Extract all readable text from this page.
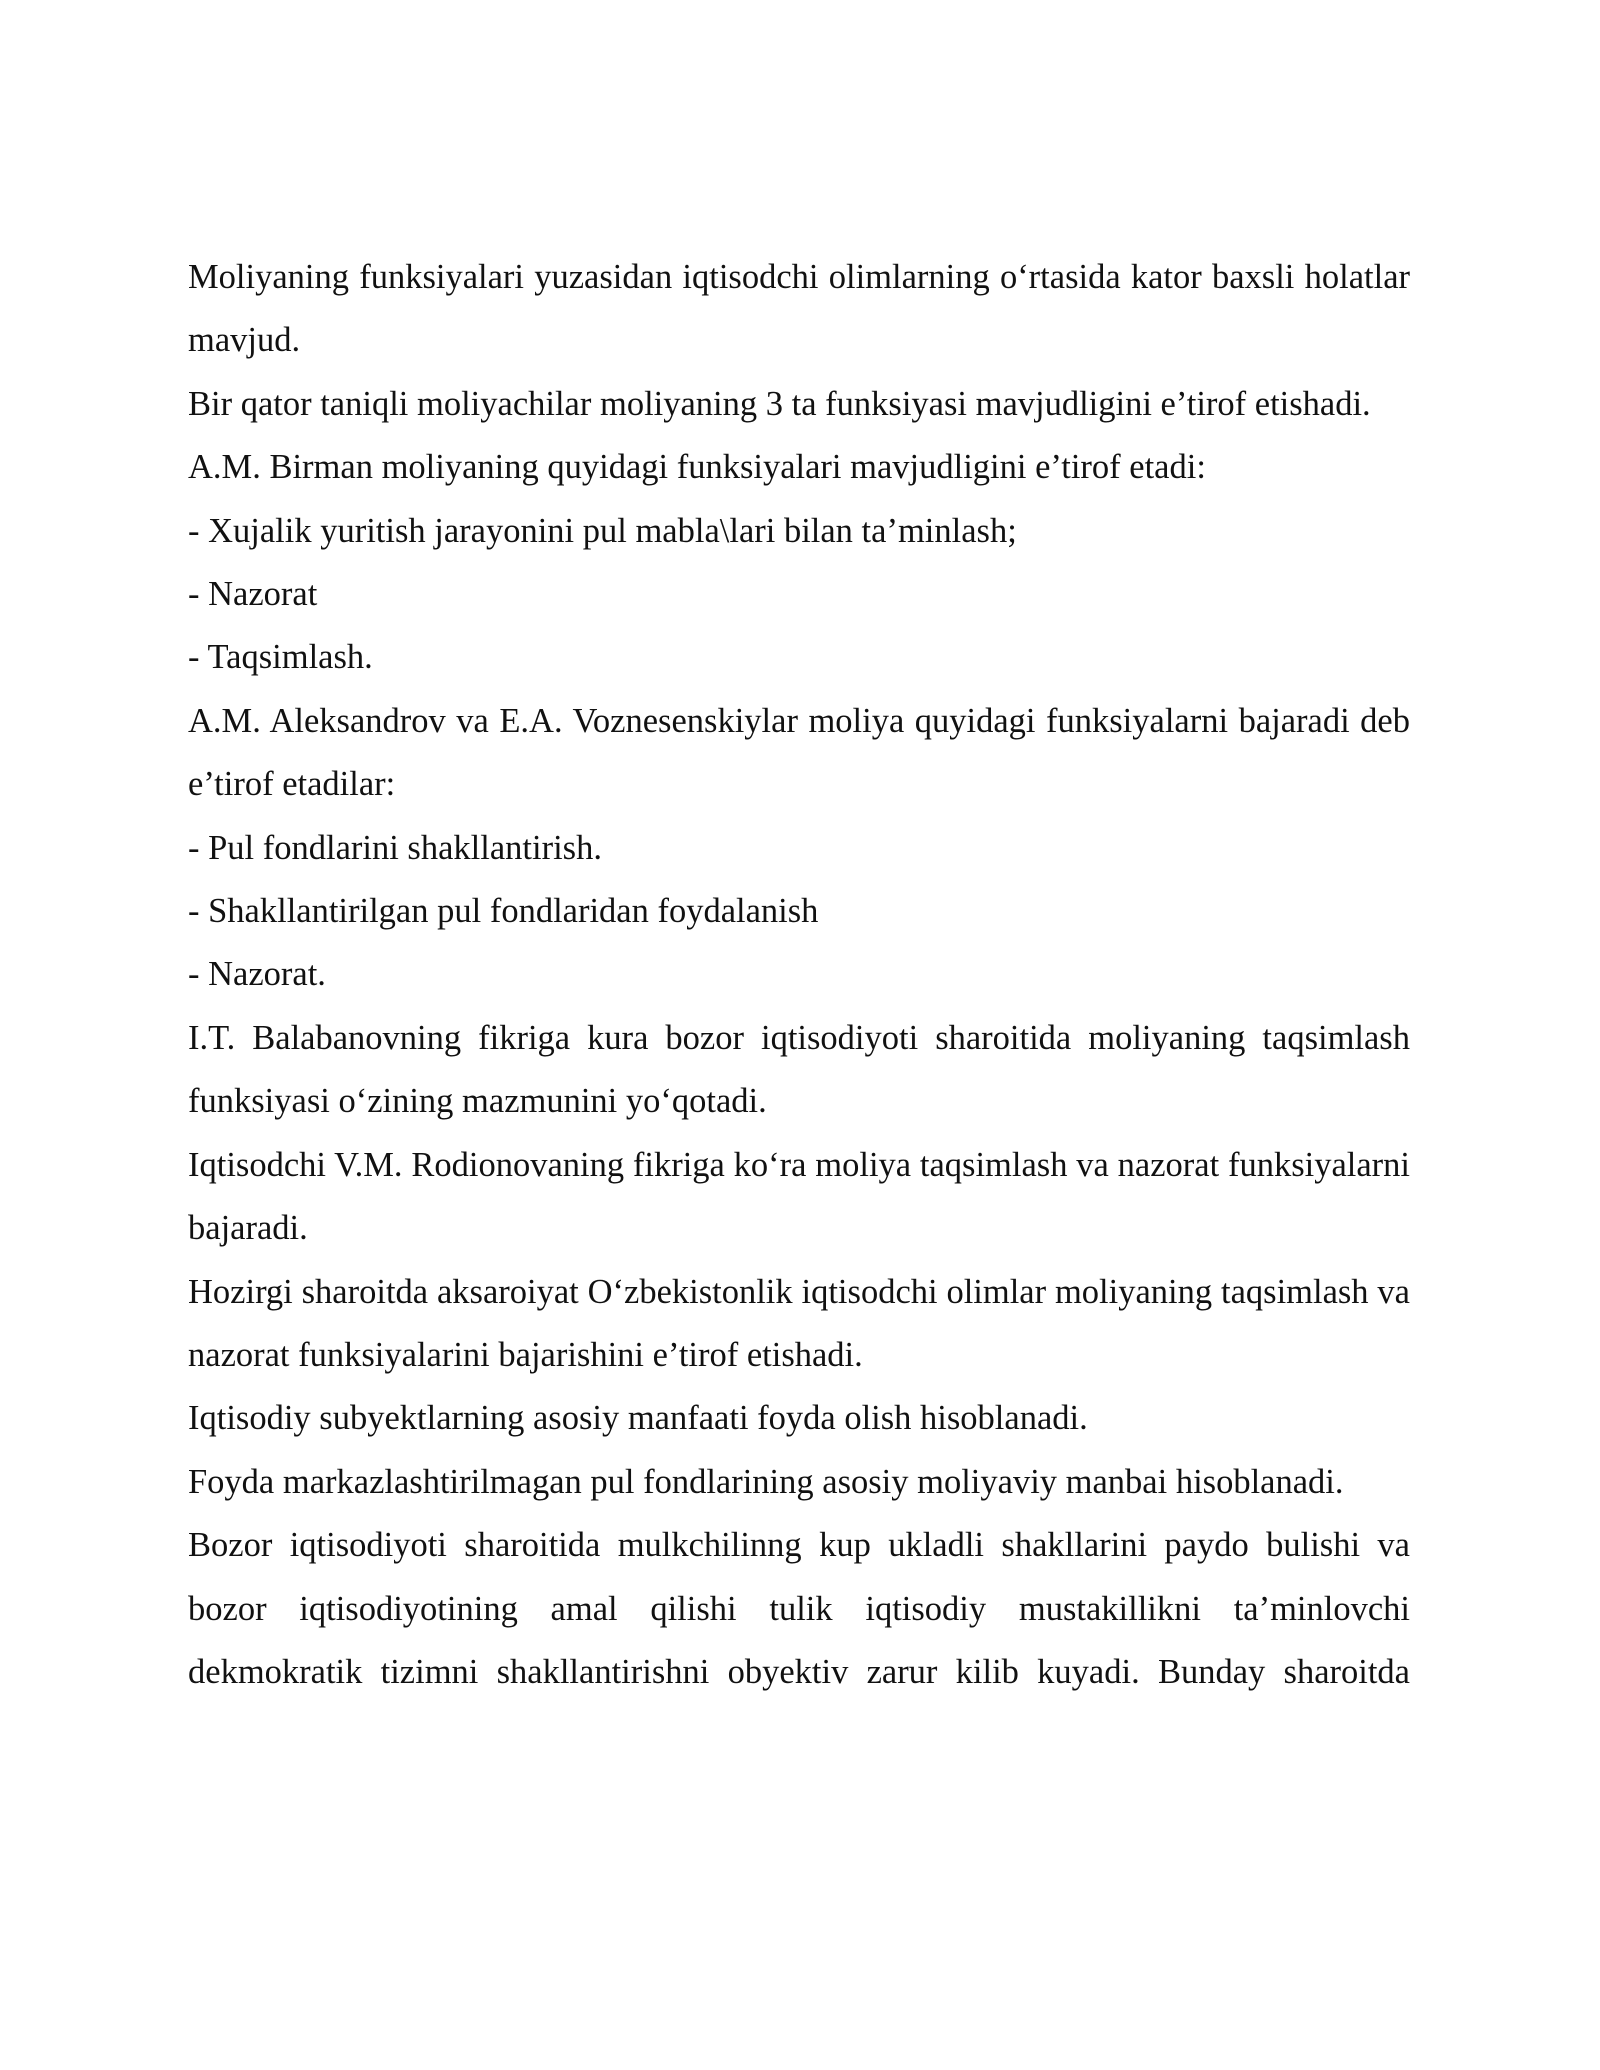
Moliyaning funksiyalari yuzasidan iqtisodchi olimlarning o‘rtasida kator baxsli holatlar mavjud.

Bir qator taniqli moliyachilar moliyaning 3 ta funksiyasi mavjudligini e’tirof etishadi.

A.M. Birman moliyaning quyidagi funksiyalari mavjudligini e’tirof etadi:

- Xujalik yuritish jarayonini pul mabla\lari bilan ta’minlash;

- Nazorat

- Taqsimlash.

A.M. Aleksandrov va E.A. Voznesenskiylar moliya quyidagi funksiyalarni bajaradi deb e’tirof etadilar:

- Pul fondlarini shakllantirish.

- Shakllantirilgan pul fondlaridan foydalanish

- Nazorat.

I.T. Balabanovning fikriga kura bozor iqtisodiyoti sharoitida moliyaning taqsimlash funksiyasi o‘zining mazmunini yo‘qotadi.

Iqtisodchi V.M. Rodionovaning fikriga ko‘ra moliya taqsimlash va nazorat funksiyalarni bajaradi.

Hozirgi sharoitda aksaroiyat O‘zbekistonlik iqtisodchi olimlar moliyaning taqsimlash va nazorat funksiyalarini bajarishini e’tirof etishadi.

Iqtisodiy subyektlarning asosiy manfaati foyda olish hisoblanadi.

Foyda markazlashtirilmagan pul fondlarining asosiy moliyaviy manbai hisoblanadi.

Bozor iqtisodiyoti sharoitida mulkchilinng kup ukladli shakllarini paydo bulishi va bozor iqtisodiyotining amal qilishi tulik iqtisodiy mustakillikni ta’minlovchi dekmokratik tizimni shakllantirishni obyektiv zarur kilib kuyadi. Bunday sharoitda
